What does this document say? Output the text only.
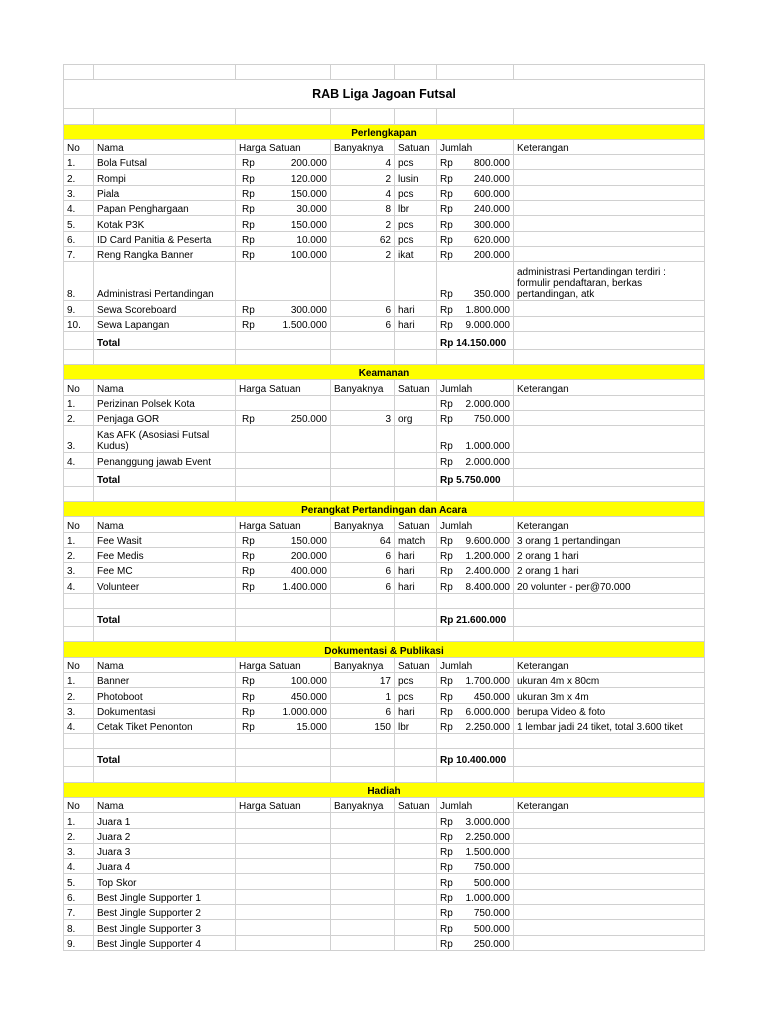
RAB Liga Jagoan Futsal						

Perlengkapan						
No	Nama	Harga Satuan	Banyaknya	Satuan	Jumlah	Keterangan
1.	Bola Futsal	Rp 200.000	4	pcs	Rp 800.000	

2.	Rompi	Rp 120.000	2	lusin	Rp 240.000	

3.	Piala	Rp 150.000	4	pcs	Rp 600.000	

4.	Papan Penghargaan	Rp 30.000	8	lbr	Rp 240.000	

5.	Kotak P3K	Rp 150.000	2	pcs	Rp 300.000	

6.	ID Card Panitia & Peserta	Rp 10.000	62	pcs	Rp 620.000	

7.	Reng Rangka Banner	Rp 100.000	2	ikat	Rp 200.000	

8.	Administrasi Pertandingan				Rp 350.000	administrasi Pertandingan terdiri : formulir pendaftaran, berkas pertandingan, atk
9.	Sewa Scoreboard	Rp 300.000	6	hari	Rp 1.800.000	

10.	Sewa Lapangan	Rp 1.500.000	6	hari	Rp 9.000.000	

	Total				Rp 14.150.000	

Keamanan						
No	Nama	Harga Satuan	Banyaknya	Satuan	Jumlah	Keterangan
1.	Perizinan Polsek Kota				Rp 2.000.000	

2.	Penjaga GOR	Rp 250.000	3	org	Rp 750.000	

3.	Kas AFK (Asosiasi Futsal Kudus)				Rp 1.000.000	

4.	Penanggung jawab Event				Rp 2.000.000	

	Total				Rp 5.750.000	

Perangkat Pertandingan dan Acara						
No	Nama	Harga Satuan	Banyaknya	Satuan	Jumlah	Keterangan
1.	Fee Wasit	Rp 150.000	64	match	Rp 9.600.000	3 orang 1 pertandingan
2.	Fee Medis	Rp 200.000	6	hari	Rp 1.200.000	2 orang 1 hari
3.	Fee MC	Rp 400.000	6	hari	Rp 2.400.000	2 orang 1 hari
4.	Volunteer	Rp 1.400.000	6	hari	Rp 8.400.000	20 volunter - per@70.000

	Total				Rp 21.600.000	

Dokumentasi & Publikasi						
No	Nama	Harga Satuan	Banyaknya	Satuan	Jumlah	Keterangan
1.	Banner	Rp 100.000	17	pcs	Rp 1.700.000	ukuran 4m x 80cm
2.	Photoboot	Rp 450.000	1	pcs	Rp 450.000	ukuran 3m x 4m
3.	Dokumentasi	Rp 1.000.000	6	hari	Rp 6.000.000	berupa Video & foto
4.	Cetak Tiket Penonton	Rp 15.000	150	lbr	Rp 2.250.000	1 lembar jadi 24 tiket, total 3.600 tiket

	Total				Rp 10.400.000	

Hadiah						
No	Nama	Harga Satuan	Banyaknya	Satuan	Jumlah	Keterangan
1.	Juara 1				Rp 3.000.000	

2.	Juara 2				Rp 2.250.000	

3.	Juara 3				Rp 1.500.000	

4.	Juara 4				Rp 750.000	

5.	Top Skor				Rp 500.000	

6.	Best Jingle Supporter 1				Rp 1.000.000	

7.	Best Jingle Supporter 2				Rp 750.000	

8.	Best Jingle Supporter 3				Rp 500.000	

9.	Best Jingle Supporter 4				Rp 250.000	
